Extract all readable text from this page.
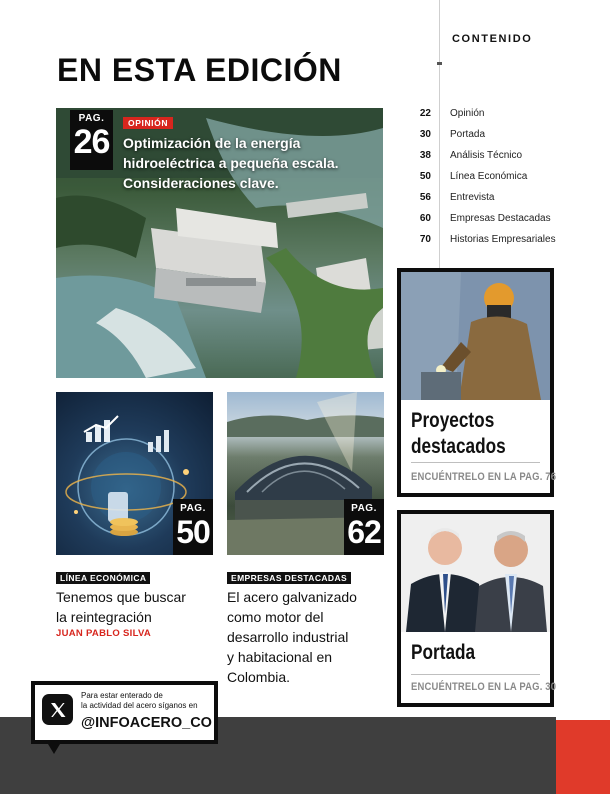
CONTENIDO
22 Opinión
30 Portada
38 Análisis Técnico
50 Línea Económica
56 Entrevista
60 Empresas Destacadas
70 Historias Empresariales
EN ESTA EDICIÓN
PAG.
26	OPINIÓN
Optimización de la energía
hidroeléctrica a pequeña escala.
Consideraciones clave.
PAG.
50
LÍNEA ECONÓMICA
Tenemos que buscar
la reintegración
JUAN PABLO SILVA
PAG.
62
EMPRESAS DESTACADAS
El acero galvanizado
como motor del
desarrollo industrial
y habitacional en
Colombia.
Proyectos
destacados
ENCUÉNTRELO EN LA PAG. 76
Portada
ENCUÉNTRELO EN LA PAG. 30
Para estar enterado de
la actividad del acero síganos en
@INFOACERO_CO
